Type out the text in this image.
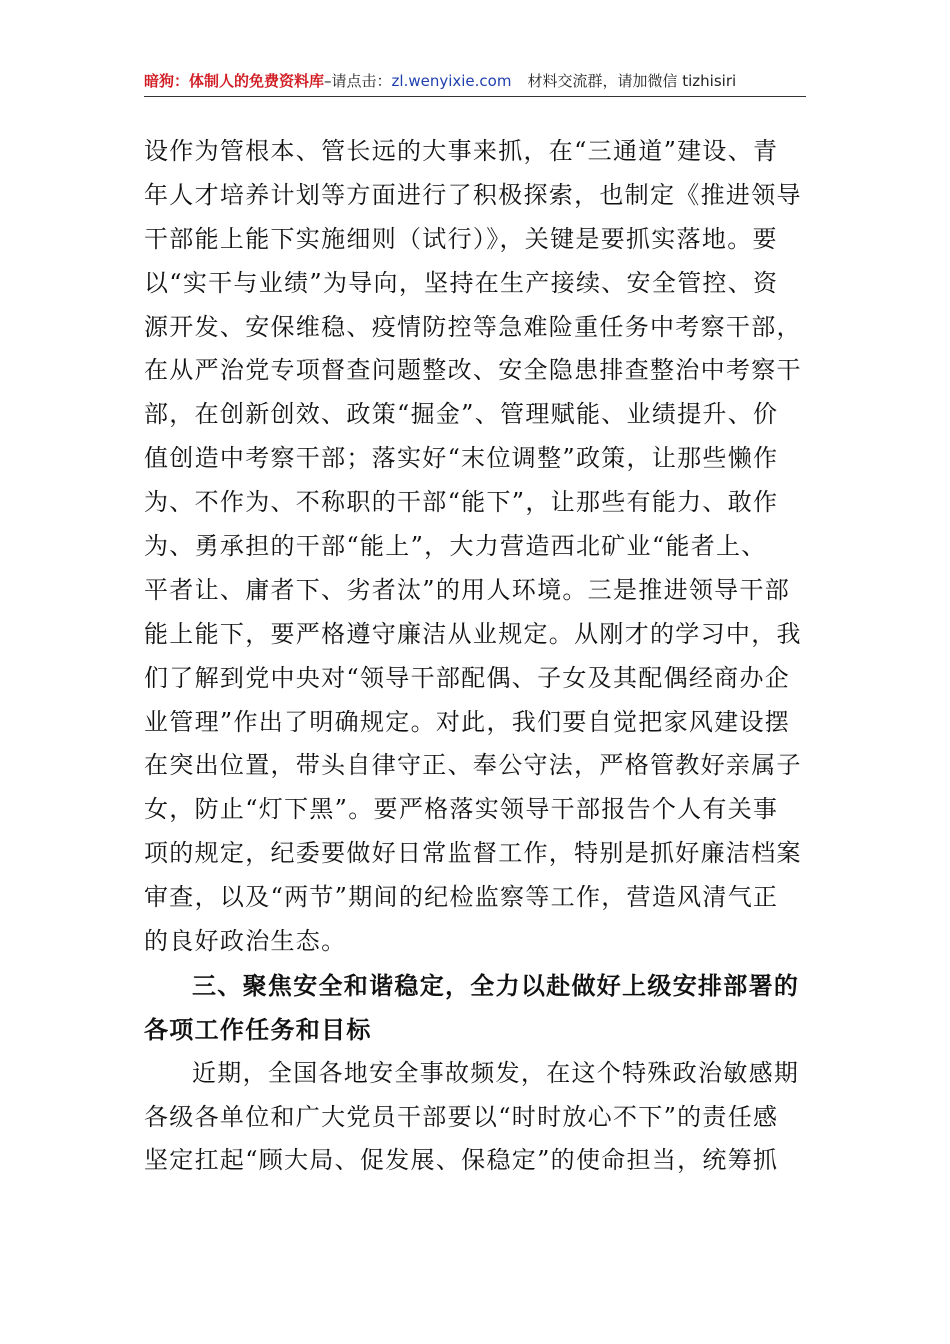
暗狗：体制人的免费资料库–请点击：zl.wenyixie.com 材料交流群，请加微信 tizhisiri
设作为管根本、管长远的大事来抓，在“三通道”建设、青
年人才培养计划等方面进行了积极探索，也制定《推进领导
干部能上能下实施细则（试行）》，关键是要抓实落地。要
以“实干与业绩”为导向，坚持在生产接续、安全管控、资
源开发、安保维稳、疫情防控等急难险重任务中考察干部，
在从严治党专项督查问题整改、安全隐患排查整治中考察干
部，在创新创效、政策“掘金”、管理赋能、业绩提升、价
值创造中考察干部；落实好“末位调整”政策，让那些懒作
为、不作为、不称职的干部“能下”，让那些有能力、敢作
为、勇承担的干部“能上”，大力营造西北矿业“能者上、
平者让、庸者下、劣者汰”的用人环境。三是推进领导干部
能上能下，要严格遵守廉洁从业规定。从刚才的学习中，我
们了解到党中央对“领导干部配偶、子女及其配偶经商办企
业管理”作出了明确规定。对此，我们要自觉把家风建设摆
在突出位置，带头自律守正、奉公守法，严格管教好亲属子
女，防止“灯下黑”。要严格落实领导干部报告个人有关事
项的规定，纪委要做好日常监督工作，特别是抓好廉洁档案
审查，以及“两节”期间的纪检监察等工作，营造风清气正
的良好政治生态。
三、聚焦安全和谐稳定，全力以赴做好上级安排部署的
各项工作任务和目标
近期，全国各地安全事故频发，在这个特殊政治敏感期
各级各单位和广大党员干部要以“时时放心不下”的责任感
坚定扛起“顾大局、促发展、保稳定”的使命担当，统筹抓
